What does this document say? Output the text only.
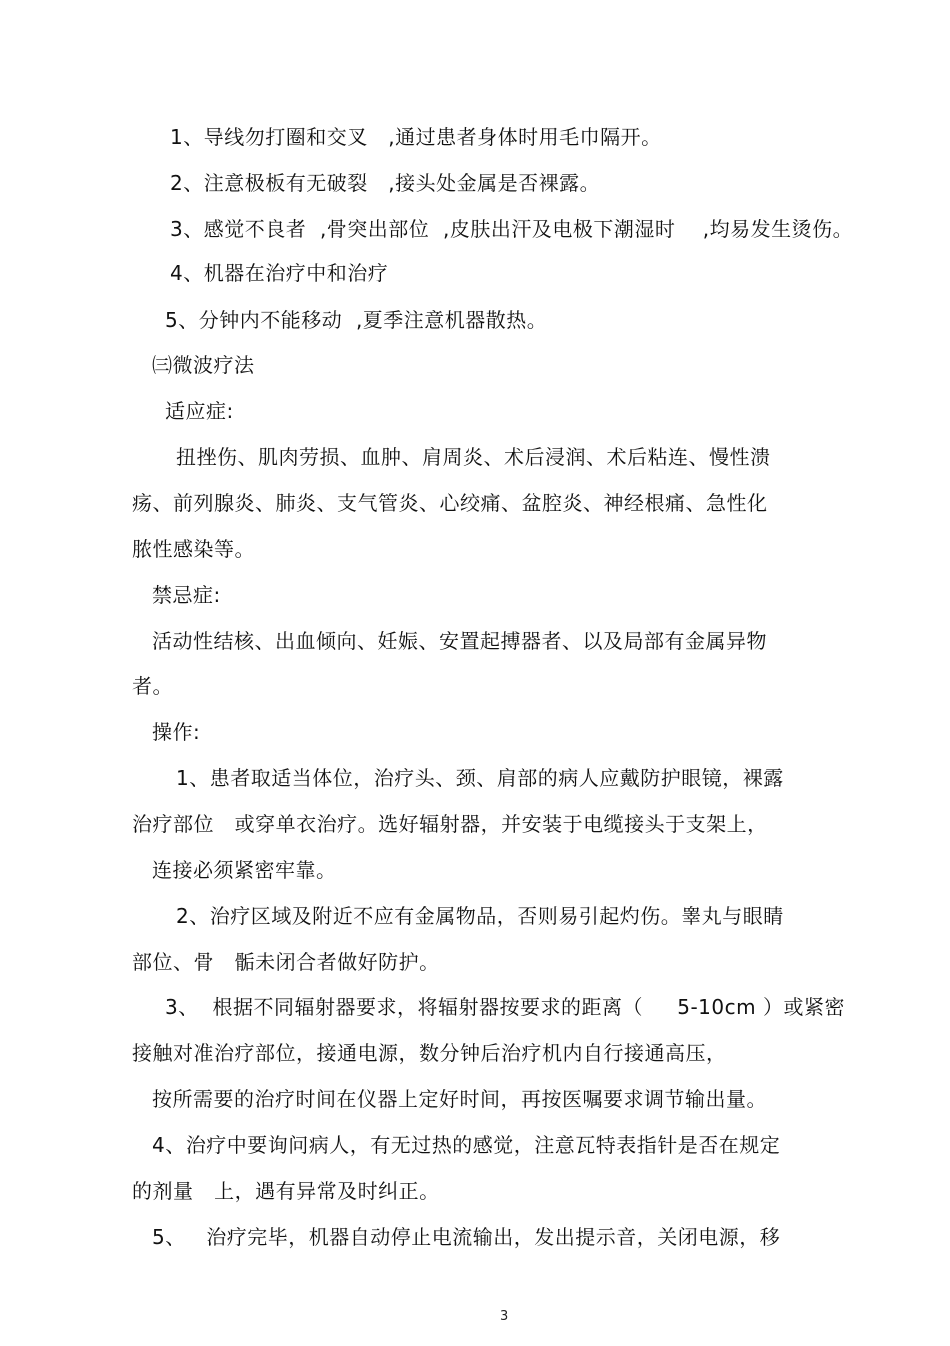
1、导线勿打圈和交叉   ,通过患者身体时用毛巾隔开。
2、注意极板有无破裂   ,接头处金属是否裸露。
3、感觉不良者  ,骨突出部位  ,皮肤出汗及电极下潮湿时    ,均易发生烫伤。
4、机器在治疗中和治疗
5、分钟内不能移动  ,夏季注意机器散热。
㈢微波疗法
适应症:
扭挫伤、肌肉劳损、血肿、肩周炎、术后浸润、术后粘连、慢性溃
疡、前列腺炎、肺炎、支气管炎、心绞痛、盆腔炎、神经根痛、急性化
脓性感染等。
禁忌症:
活动性结核、出血倾向、妊娠、安置起搏器者、以及局部有金属异物
者。
操作:
1、患者取适当体位，治疗头、颈、肩部的病人应戴防护眼镜，裸露
治疗部位   或穿单衣治疗。选好辐射器，并安装于电缆接头于支架上，
连接必须紧密牢靠。
2、治疗区域及附近不应有金属物品，否则易引起灼伤。睾丸与眼睛
部位、骨   骺未闭合者做好防护。
3、  根据不同辐射器要求，将辐射器按要求的距离（     5-10cm ）或紧密
接触对准治疗部位，接通电源，数分钟后治疗机内自行接通高压，
按所需要的治疗时间在仪器上定好时间，再按医嘱要求调节输出量。
4、治疗中要询问病人，有无过热的感觉，注意瓦特表指针是否在规定
的剂量   上，遇有异常及时纠正。
5、   治疗完毕，机器自动停止电流输出，发出提示音，关闭电源，移
3
